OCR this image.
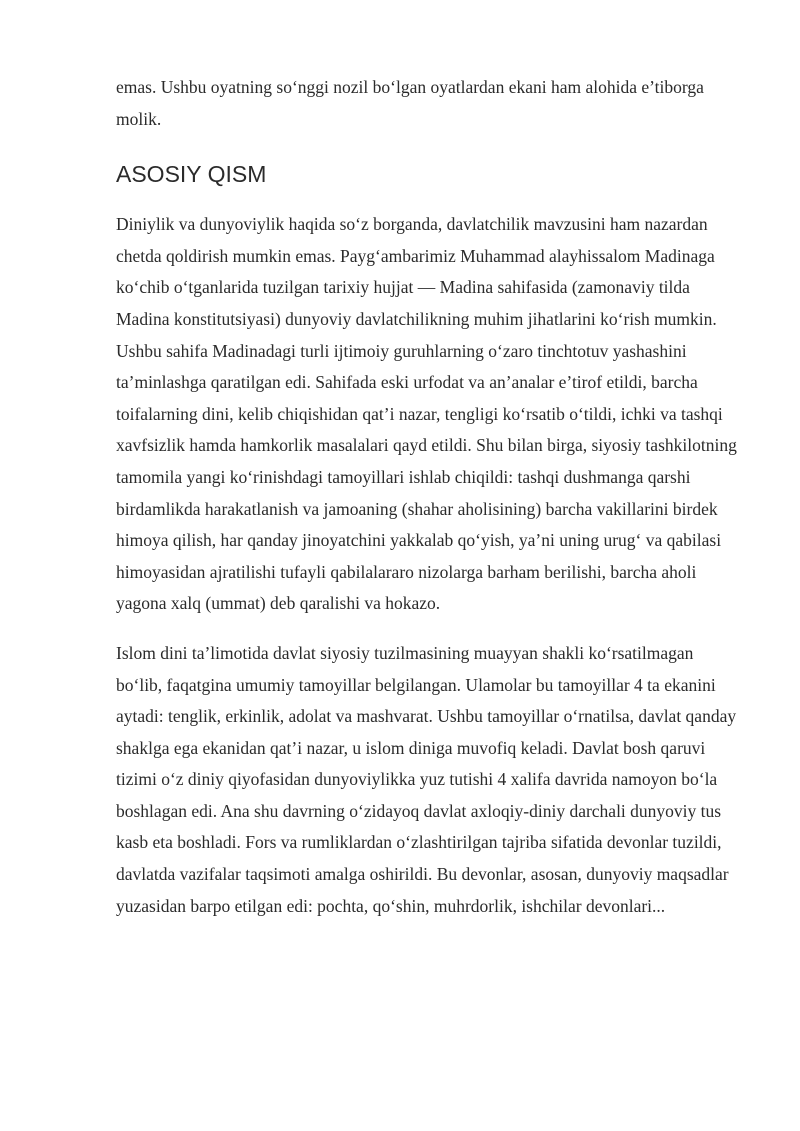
emas. Ushbu oyatning so‘nggi nozil bo‘lgan oyatlardan ekani ham alohida e’tiborga molik.

ASOSIY QISM

Diniylik va dunyoviylik haqida so‘z borganda, davlatchilik mavzusini ham nazardan chetda qoldirish mumkin emas. Payg‘ambarimiz Muhammad alayhissalom Madinaga ko‘chib o‘tganlarida tuzilgan tarixiy hujjat — Madina sahifasida (zamonaviy tilda Madina konstitutsiyasi) dunyoviy davlatchilikning muhim jihatlarini ko‘rish mumkin. Ushbu sahifa Madinadagi turli ijtimoiy guruhlarning o‘zaro tinchtotuv yashashini ta’minlashga qaratilgan edi. Sahifada eski urfodat va an’analar e’tirof etildi, barcha toifalarning dini, kelib chiqishidan qat’i nazar, tengligi ko‘rsatib o‘tildi, ichki va tashqi xavfsizlik hamda hamkorlik masalalari qayd etildi. Shu bilan birga, siyosiy tashkilotning tamomila yangi ko‘rinishdagi tamoyillari ishlab chiqildi: tashqi dushmanga qarshi birdamlikda harakatlanish va jamoaning (shahar aholisining) barcha vakillarini birdek himoya qilish, har qanday jinoyatchini yakkalab qo‘yish, ya’ni uning urug‘ va qabilasi himoyasidan ajratilishi tufayli qabilalararo nizolarga barham berilishi, barcha aholi yagona xalq (ummat) deb qaralishi va hokazo.

Islom dini ta’limotida davlat siyosiy tuzilmasining muayyan shakli ko‘rsatilmagan bo‘lib, faqatgina umumiy tamoyillar belgilangan. Ulamolar bu tamoyillar 4 ta ekanini aytadi: tenglik, erkinlik, adolat va mashvarat. Ushbu tamoyillar o‘rnatilsa, davlat qanday shaklga ega ekanidan qat’i nazar, u islom diniga muvofiq keladi. Davlat bosh qaruvi tizimi o‘z diniy qiyofasidan dunyoviylikka yuz tutishi 4 xalifa davrida namoyon bo‘la boshlagan edi. Ana shu davrning o‘zidayoq davlat axloqiy-diniy darchali dunyoviy tus kasb eta boshladi. Fors va rumliklardan o‘zlashtirilgan tajriba sifatida devonlar tuzildi, davlatda vazifalar taqsimoti amalga oshirildi. Bu devonlar, asosan, dunyoviy maqsadlar yuzasidan barpo etilgan edi: pochta, qo‘shin, muhrdorlik, ishchilar devonlari...
